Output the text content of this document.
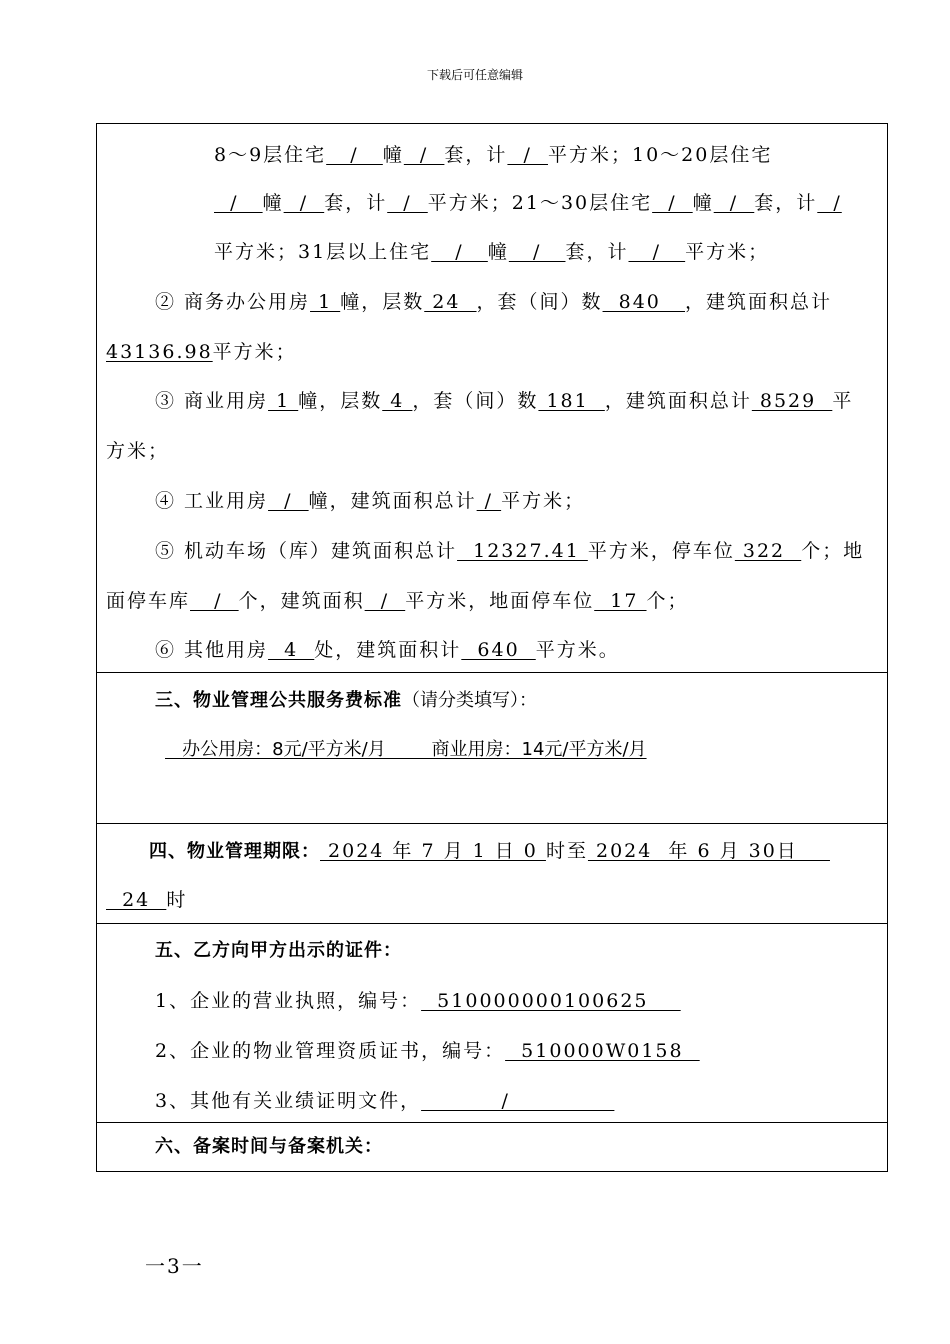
下载后可任意编辑
8～9层住宅   /   幢  /  套，计  /  平方米；10～20层住宅
/   幢  /  套，计  /  平方米；21～30层住宅  /  幢  /  套，计  /
平方米；31层以上住宅   /   幢   /   套，计   /   平方米；
② 商务办公用房 1 幢，层数 24  ，套（间）数  840   ，建筑面积总计
43136.98平方米；
③ 商业用房 1 幢，层数 4 ，套（间）数 181  ，建筑面积总计 8529  平
方米；
④ 工业用房  /  幢，建筑面积总计 / 平方米；
⑤ 机动车场（库）建筑面积总计  12327.41 平方米，停车位 322  个；地
面停车库   /  个，建筑面积  /  平方米，地面停车位  17 个；
⑥ 其他用房  4  处，建筑面积计  640  平方米。

三、物业管理公共服务费标准（请分类填写）：
办公用房：8元/平方米/月        商业用房：14元/平方米/月

四、物业管理期限： 2024 年 7 月 1 日 0 时至 2024  年 6 月 30日
24  时

五、乙方向甲方出示的证件：
1、企业的营业执照，编号：  510000000100625
2、企业的物业管理资质证书，编号：  510000W0158
3、其他有关业绩证明文件，          /

六、备案时间与备案机关：
一3一
